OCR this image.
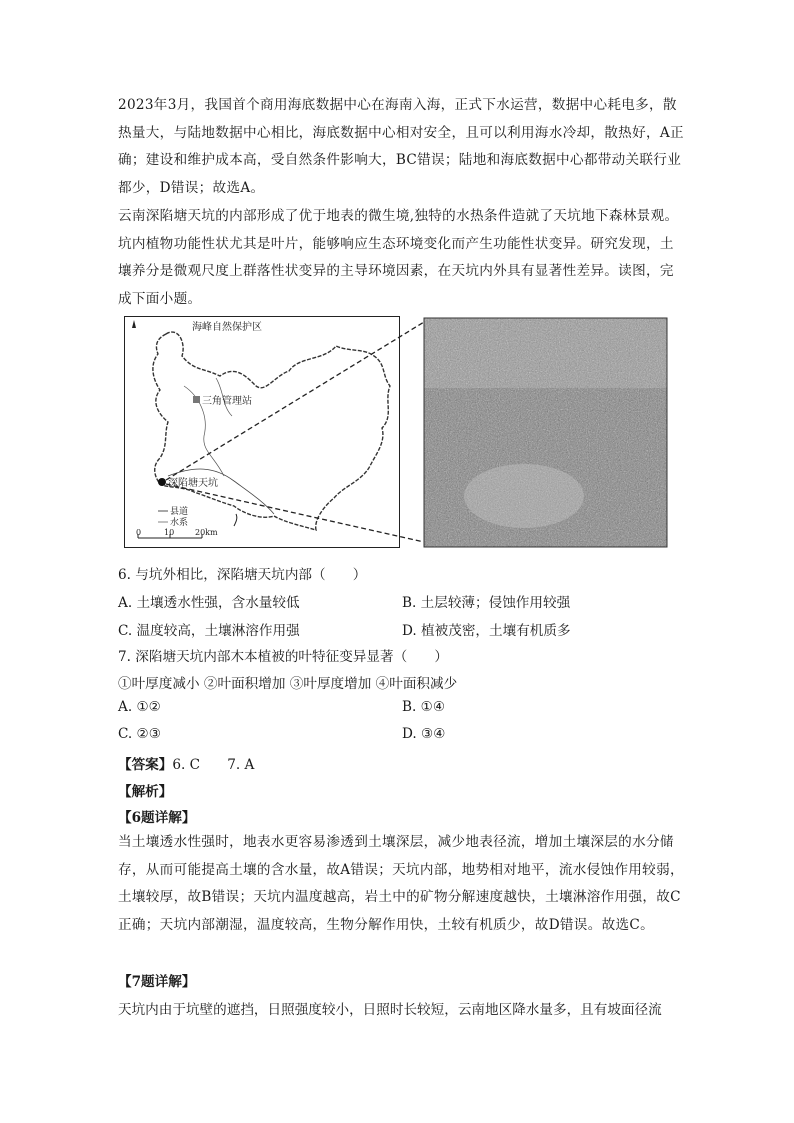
2023年3月，我国首个商用海底数据中心在海南入海，正式下水运营，数据中心耗电多，散热量大，与陆地数据中心相比，海底数据中心相对安全，且可以利用海水冷却，散热好，A正确；建设和维护成本高，受自然条件影响大，BC错误；陆地和海底数据中心都带动关联行业都少，D错误；故选A。
云南深陷塘天坑的内部形成了优于地表的微生境,独特的水热条件造就了天坑地下森林景观。坑内植物功能性状尤其是叶片，能够响应生态环境变化而产生功能性状变异。研究发现，土壤养分是微观尺度上群落性状变异的主导环境因素，在天坑内外具有显著性差异。读图，完成下面小题。
海峰自然保护区
三角管理站
深陷塘天坑
县道
水系
0	10	20km
6. 与坑外相比，深陷塘天坑内部（　　）
A. 土壤透水性强，含水量较低	B. 土层较薄；侵蚀作用较强
C. 温度较高，土壤淋溶作用强	D. 植被茂密，土壤有机质多
7. 深陷塘天坑内部木本植被的叶特征变异显著（　　）
①叶厚度减小 ②叶面积增加 ③叶厚度增加 ④叶面积减少
A. ①②	B. ①④
C. ②③	D. ③④
【答案】6. C　　7. A
【解析】
【6题详解】
当土壤透水性强时，地表水更容易渗透到土壤深层，减少地表径流，增加土壤深层的水分储存，从而可能提高土壤的含水量，故A错误；天坑内部，地势相对地平，流水侵蚀作用较弱，土壤较厚，故B错误；天坑内温度越高，岩土中的矿物分解速度越快，土壤淋溶作用强，故C正确；天坑内部潮湿，温度较高，生物分解作用快，土较有机质少，故D错误。故选C。
【7题详解】
天坑内由于坑壁的遮挡，日照强度较小，日照时长较短，云南地区降水量多，且有坡面径流
